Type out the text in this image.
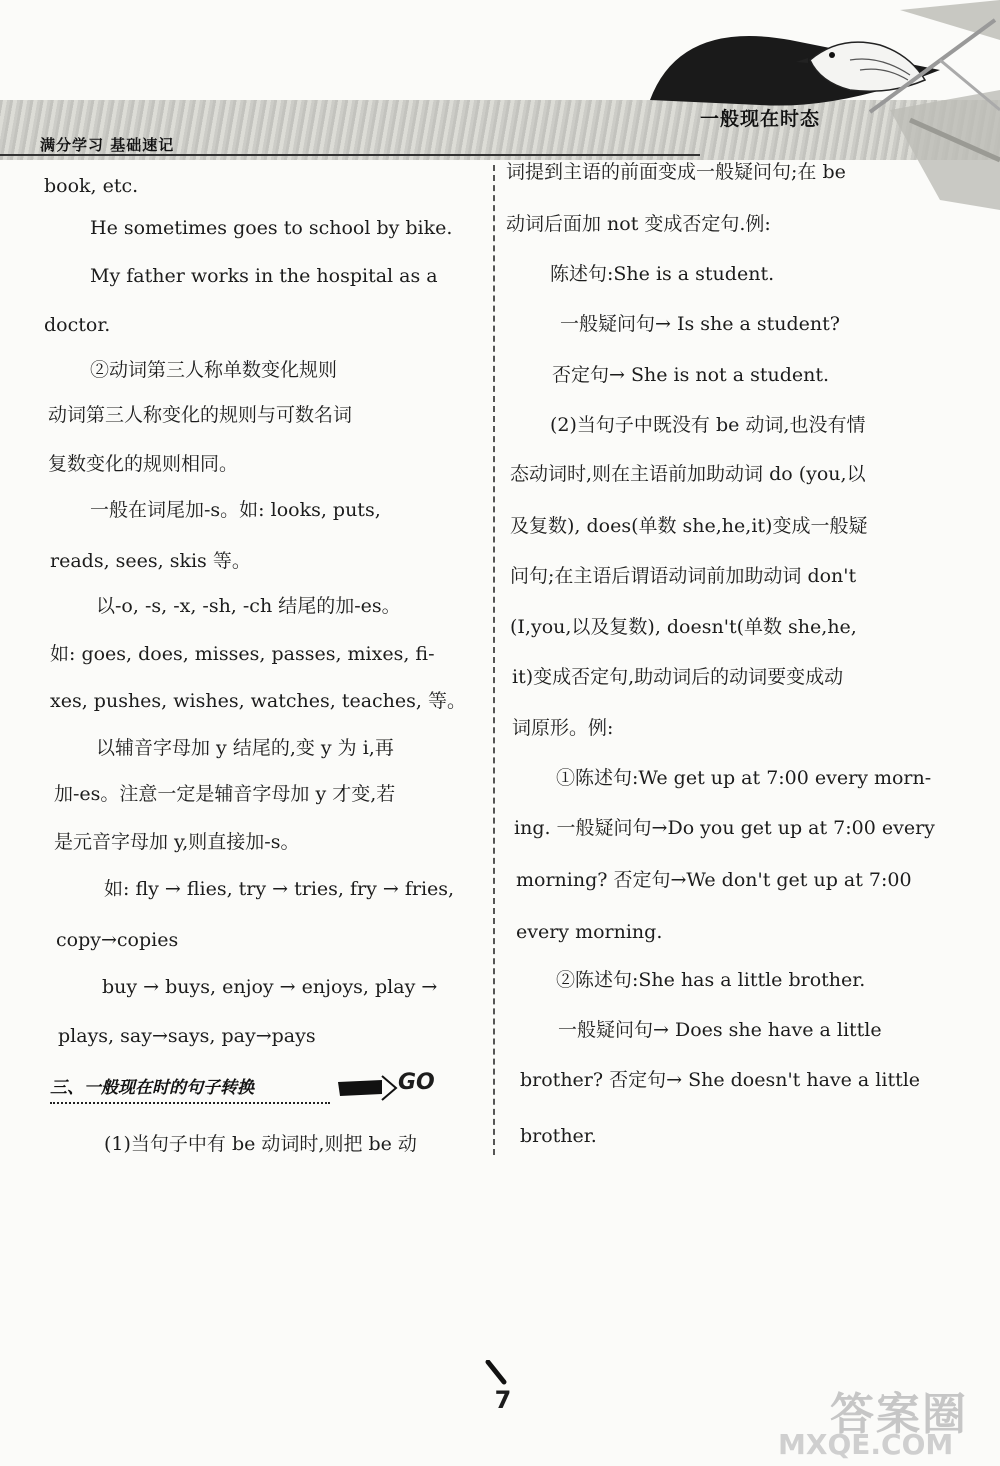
满分学习 基础速记
一般现在时态
book, etc.
He sometimes goes to school by bike.
My father works in the hospital as a
doctor.
②动词第三人称单数变化规则
动词第三人称变化的规则与可数名词
复数变化的规则相同。
一般在词尾加-s。如: looks, puts,
reads, sees, skis 等。
以-o, -s, -x, -sh, -ch 结尾的加-es。
如: goes, does, misses, passes, mixes, fi-
xes, pushes, wishes, watches, teaches, 等。
以辅音字母加 y 结尾的,变 y 为 i,再
加-es。注意一定是辅音字母加 y 才变,若
是元音字母加 y,则直接加-s。
如: fly → flies, try → tries, fry → fries,
copy→copies
buy → buys, enjoy → enjoys, play →
plays, say→says, pay→pays
三、一般现在时的句子转换	GO
(1)当句子中有 be 动词时,则把 be 动
词提到主语的前面变成一般疑问句;在 be
动词后面加 not 变成否定句.例:
陈述句:She is a student.
一般疑问句→ Is she a student?
否定句→ She is not a student.
(2)当句子中既没有 be 动词,也没有情
态动词时,则在主语前加助动词 do (you,以
及复数), does(单数 she,he,it)变成一般疑
问句;在主语后谓语动词前加助动词 don't
(I,you,以及复数), doesn't(单数 she,he,
it)变成否定句,助动词后的动词要变成动
词原形。例:
①陈述句:We get up at 7:00 every morn-
ing. 一般疑问句→Do you get up at 7:00 every
morning? 否定句→We don't get up at 7:00
every morning.
②陈述句:She has a little brother.
一般疑问句→ Does she have a little
brother? 否定句→ She doesn't have a little
brother.
7	答案圈
MXQE.COM
